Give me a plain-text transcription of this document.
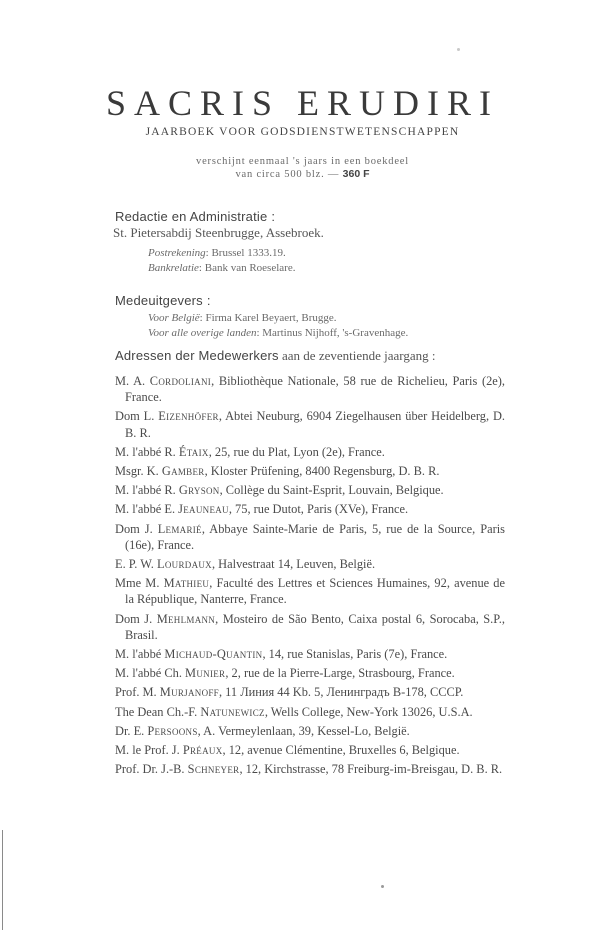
SACRIS ERUDIRI
JAARBOEK VOOR GODSDIENSTWETENSCHAPPEN
verschijnt eenmaal 's jaars in een boekdeel
van circa 500 blz. — 360 F
Redactie en Administratie :
St. Pietersabdij Steenbrugge, Assebroek.
Postrekening: Brussel 1333.19.
Bankrelatie: Bank van Roeselare.
Medeuitgevers :
Voor België: Firma Karel Beyaert, Brugge.
Voor alle overige landen: Martinus Nijhoff, 's-Gravenhage.
Adressen der Medewerkers aan de zeventiende jaargang :
M. A. Cordoliani, Bibliothèque Nationale, 58 rue de Richelieu, Paris (2e), France.
Dom L. Eizenhöfer, Abtei Neuburg, 6904 Ziegelhausen über Heidelberg, D. B. R.
M. l'abbé R. Étaix, 25, rue du Plat, Lyon (2e), France.
Msgr. K. Gamber, Kloster Prüfening, 8400 Regensburg, D. B. R.
M. l'abbé R. Gryson, Collège du Saint-Esprit, Louvain, Belgique.
M. l'abbé E. Jeauneau, 75, rue Dutot, Paris (XVe), France.
Dom J. Lemarié, Abbaye Sainte-Marie de Paris, 5, rue de la Source, Paris (16e), France.
E. P. W. Lourdaux, Halvestraat 14, Leuven, België.
Mme M. Mathieu, Faculté des Lettres et Sciences Humaines, 92, avenue de la République, Nanterre, France.
Dom J. Mehlmann, Mosteiro de São Bento, Caixa postal 6, Sorocaba, S.P., Brasil.
M. l'abbé Michaud-Quantin, 14, rue Stanislas, Paris (7e), France.
M. l'abbé Ch. Munier, 2, rue de la Pierre-Large, Strasbourg, France.
Prof. M. Murjanoff, 11 Линия 44 Kb. 5, Ленинградъ B-178, CCCP.
The Dean Ch.-F. Natunewicz, Wells College, New-York 13026, U.S.A.
Dr. E. Persoons, A. Vermeylenlaan, 39, Kessel-Lo, België.
M. le Prof. J. Préaux, 12, avenue Clémentine, Bruxelles 6, Belgique.
Prof. Dr. J.-B. Schneyer, 12, Kirchstrasse, 78 Freiburg-im-Breisgau, D. B. R.
